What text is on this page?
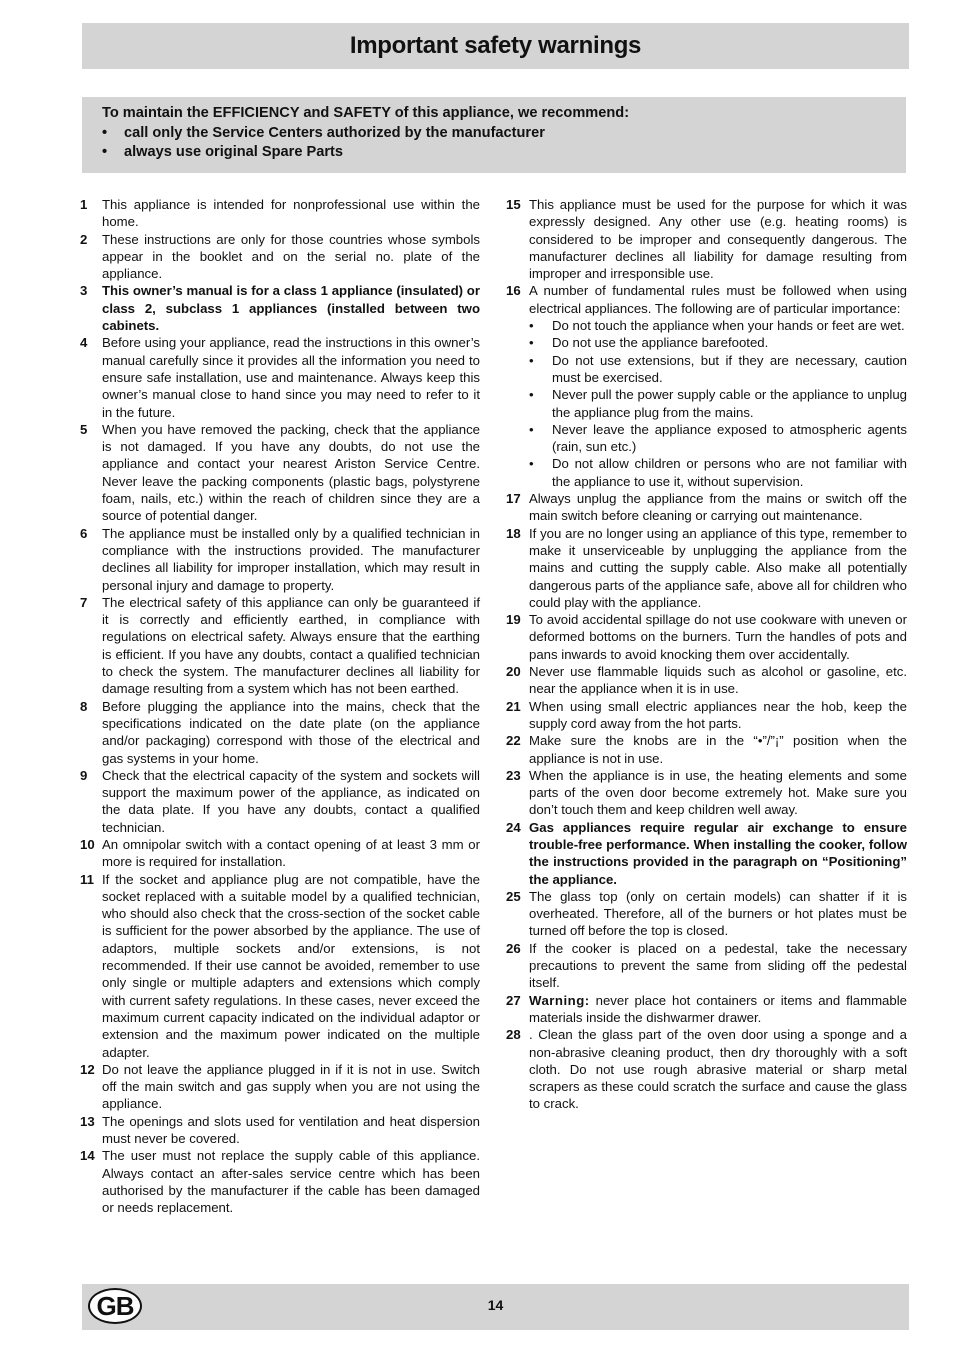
Important safety warnings
To maintain the EFFICIENCY and SAFETY of this appliance, we recommend:
•	call only the Service Centers authorized by the manufacturer
•	always use original Spare Parts
1	This appliance is intended for nonprofessional use within the home.
2	These instructions are only for those countries whose symbols appear in the booklet and on the serial no. plate of the appliance.
3	This owner’s manual is for a class 1 appliance (insulated) or class 2, subclass 1 appliances (installed between two cabinets.
4	Before using your appliance, read the instructions in this owner’s manual carefully since it provides all the information you need to ensure safe installation, use and maintenance. Always keep this owner’s manual close to hand since you may need to refer to it in the future.
5	When you have removed the packing, check that the appliance is not damaged. If you have any doubts, do not use the appliance and contact your nearest Ariston Service Centre. Never leave the packing components (plastic bags, polystyrene foam, nails, etc.) within the reach of children since they are a source of potential danger.
6	The appliance must be installed only by a qualified technician in compliance with the instructions provided. The manufacturer declines all liability for improper installation, which may result in personal injury and damage to property.
7	The electrical safety of this appliance can only be guaranteed if it is correctly and efficiently earthed, in compliance with regulations on electrical safety. Always ensure that the earthing is efficient. If you have any doubts, contact a qualified technician to check the system. The manufacturer declines all liability for damage resulting from a system which has not been earthed.
8	Before plugging the appliance into the mains, check that the specifications indicated on the date plate (on the appliance and/or packaging) correspond with those of the electrical and gas systems in your home.
9	Check that the electrical capacity of the system and sockets will support the maximum power of the appliance, as indicated on the data plate. If you have any doubts, contact a qualified technician.
10 An omnipolar switch with a contact opening of at least 3 mm or more is required for installation.
11 If the socket and appliance plug are not compatible, have the socket replaced with a suitable model by a qualified technician, who should also check that the cross-section of the socket cable is sufficient for the power absorbed by the appliance. The use of adaptors, multiple sockets and/or extensions, is not recommended. If their use cannot be avoided, remember to use only single or multiple adapters and extensions which comply with current safety regulations. In these cases, never exceed the maximum current capacity indicated on the individual adaptor or extension and the maximum power indicated on the multiple adapter.
12 Do not leave the appliance plugged in if it is not in use. Switch off the main switch and gas supply when you are not using the appliance.
13 The openings and slots used for ventilation and heat dispersion must never be covered.
14 The user must not replace the supply cable of this appliance. Always contact an after-sales service centre which has been authorised by the manufacturer if the cable has been damaged or needs replacement.
15 This appliance must be used for the purpose for which it was expressly designed. Any other use (e.g. heating rooms) is considered to be improper and consequently dangerous. The manufacturer declines all liability for damage resulting from improper and irresponsible use.
16 A number of fundamental rules must be followed when using electrical appliances. The following are of particular importance:
•	Do not touch the appliance when your hands or feet are wet.
•	Do not use the appliance barefooted.
•	Do not use extensions, but if they are necessary, caution must be exercised.
•	Never pull the power supply cable or the appliance to unplug the appliance plug from the mains.
•	Never leave the appliance exposed to atmospheric agents (rain, sun etc.)
•	Do not allow children or persons who are not familiar with the appliance to use it, without supervision.
17 Always unplug the appliance from the mains or switch off the main switch before cleaning or carrying out maintenance.
18 If you are no longer using an appliance of this type, remember to make it unserviceable by unplugging the appliance from the mains and cutting the supply cable. Also make all potentially dangerous parts of the appliance safe, above all for children who could play with the appliance.
19 To avoid accidental spillage do not use cookware with uneven or deformed bottoms on the burners. Turn the handles of pots and pans inwards to avoid knocking them over accidentally.
20 Never use flammable liquids such as alcohol or gasoline, etc. near the appliance when it is in use.
21 When using small electric appliances near the hob, keep the supply cord away from the hot parts.
22 Make sure the knobs are in the “•”/”¡” position when the appliance is not in use.
23 When the appliance is in use, the heating elements and some parts of the oven door become extremely hot. Make sure you don’t touch them and keep children well away.
24 Gas appliances require regular air exchange to ensure trouble-free performance. When installing the cooker, follow the instructions provided in the paragraph on “Positioning” the appliance.
25 The glass top (only on certain models) can shatter if it is overheated. Therefore, all of the burners or hot plates must be turned off before the top is closed.
26 If the cooker is placed on a pedestal, take the necessary precautions to prevent the same from sliding off the pedestal itself.
27 Warning: never place hot containers or items and flammable materials inside the dishwarmer drawer.
28 . Clean the glass part of the oven door using a sponge and a non-abrasive cleaning product, then dry thoroughly with a soft cloth. Do not use rough abrasive material or sharp metal scrapers as these could scratch the surface and cause the glass to crack.
GB	14
